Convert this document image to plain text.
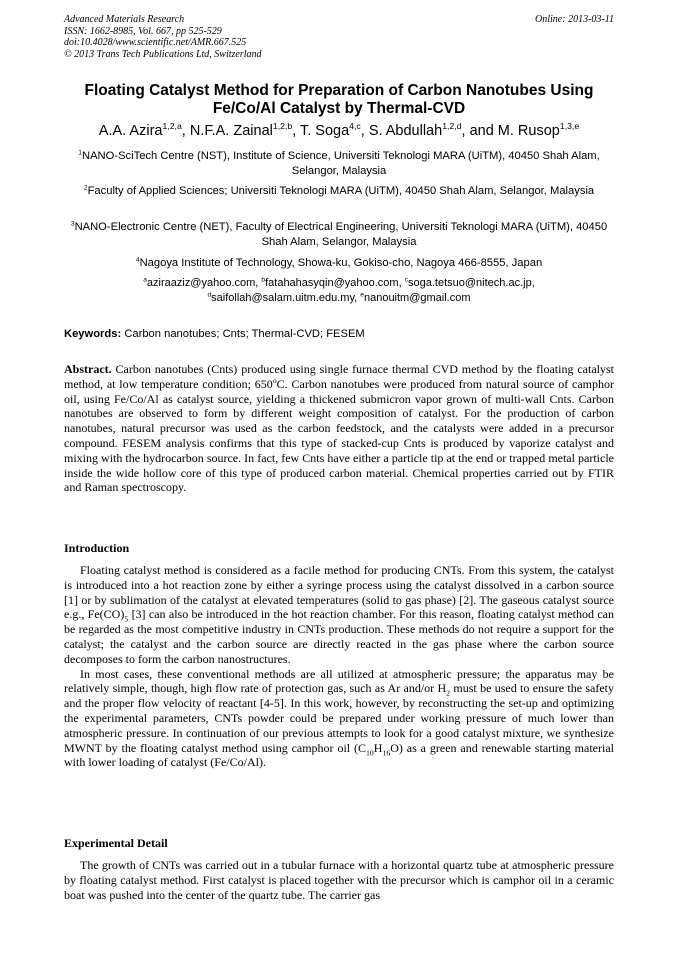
Advanced Materials Research
ISSN: 1662-8985, Vol. 667, pp 525-529
doi:10.4028/www.scientific.net/AMR.667.525
© 2013 Trans Tech Publications Ltd, Switzerland
Online: 2013-03-11
Floating Catalyst Method for Preparation of Carbon Nanotubes Using
Fe/Co/Al Catalyst by Thermal-CVD
A.A. Azira$^{1,2,a}$, N.F.A. Zainal$^{1,2,b}$, T. Soga$^{4,c}$, S. Abdullah$^{1,2,d}$, and M. Rusop$^{1,3,e}$
$^1$NANO-SciTech Centre (NST), Institute of Science, Universiti Teknologi MARA (UiTM), 40450 Shah Alam, Selangor, Malaysia
$^2$Faculty of Applied Sciences; Universiti Teknologi MARA (UiTM), 40450 Shah Alam, Selangor, Malaysia
$^3$NANO-Electronic Centre (NET), Faculty of Electrical Engineering, Universiti Teknologi MARA (UiTM), 40450 Shah Alam, Selangor, Malaysia
$^4$Nagoya Institute of Technology, Showa-ku, Gokiso-cho, Nagoya 466-8555, Japan
$^a$aziraaziz@yahoo.com, $^b$fatahahasyqin@yahoo.com, $^c$soga.tetsuo@nitech.ac.jp,
$^d$saifollah@salam.uitm.edu.my, $^e$nanouitm@gmail.com
Keywords: Carbon nanotubes; Cnts; Thermal-CVD; FESEM

Abstract. Carbon nanotubes (Cnts) produced using single furnace thermal CVD method by the floating catalyst method, at low temperature condition; 650$^o$C. Carbon nanotubes were produced from natural source of camphor oil, using Fe/Co/Al as catalyst source, yielding a thickened submicron vapor grown of multi-wall Cnts. Carbon nanotubes are observed to form by different weight composition of catalyst. For the production of carbon nanotubes, natural precursor was used as the carbon feedstock, and the catalysts were added in a precursor compound. FESEM analysis confirms that this type of stacked-cup Cnts is produced by vaporize catalyst and mixing with the hydrocarbon source. In fact, few Cnts have either a particle tip at the end or trapped metal particle inside the wide hollow core of this type of produced carbon material. Chemical properties carried out by FTIR and Raman spectroscopy.

Introduction

Floating catalyst method is considered as a facile method for producing CNTs. From this system, the catalyst is introduced into a hot reaction zone by either a syringe process using the catalyst dissolved in a carbon source [1] or by sublimation of the catalyst at elevated temperatures (solid to gas phase) [2]. The gaseous catalyst source e.g., $Fe(CO)_5$ [3] can also be introduced in the hot reaction chamber. For this reason, floating catalyst method can be regarded as the most competitive industry in CNTs production. These methods do not require a support for the catalyst; the catalyst and the carbon source are directly reacted in the gas phase where the carbon source decomposes to form the carbon nanostructures.

In most cases, these conventional methods are all utilized at atmospheric pressure; the apparatus may be relatively simple, though, high flow rate of protection gas, such as Ar and/or $H_2$ must be used to ensure the safety and the proper flow velocity of reactant [4-5]. In this work, however, by reconstructing the set-up and optimizing the experimental parameters, CNTs powder could be prepared under working pressure of much lower than atmospheric pressure. In continuation of our previous attempts to look for a good catalyst mixture, we synthesize MWNT by the floating catalyst method using camphor oil $(C_{10}H_{16}O)$ as a green and renewable starting material with lower loading of catalyst (Fe/Co/Al).

Experimental Detail

The growth of CNTs was carried out in a tubular furnace with a horizontal quartz tube at atmospheric pressure by floating catalyst method. First catalyst is placed together with the precursor which is camphor oil in a ceramic boat was pushed into the center of the quartz tube. The carrier gas
